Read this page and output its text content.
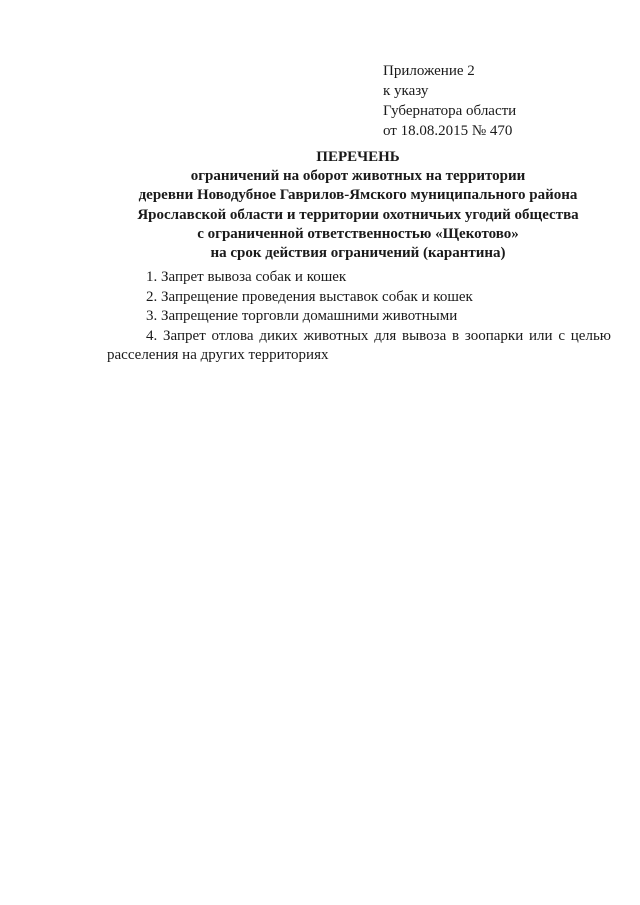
Приложение 2
к указу
Губернатора области
от 18.08.2015 № 470
ПЕРЕЧЕНЬ
ограничений на оборот животных на территории
деревни Новодубное Гаврилов-Ямского муниципального района
Ярославской области и территории охотничьих угодий общества
с ограниченной ответственностью «Щекотово»
на срок действия ограничений (карантина)
1. Запрет вывоза собак и кошек
2. Запрещение проведения выставок собак и кошек
3. Запрещение торговли домашними животными
4. Запрет отлова диких животных для вывоза в зоопарки или с целью расселения на других территориях
